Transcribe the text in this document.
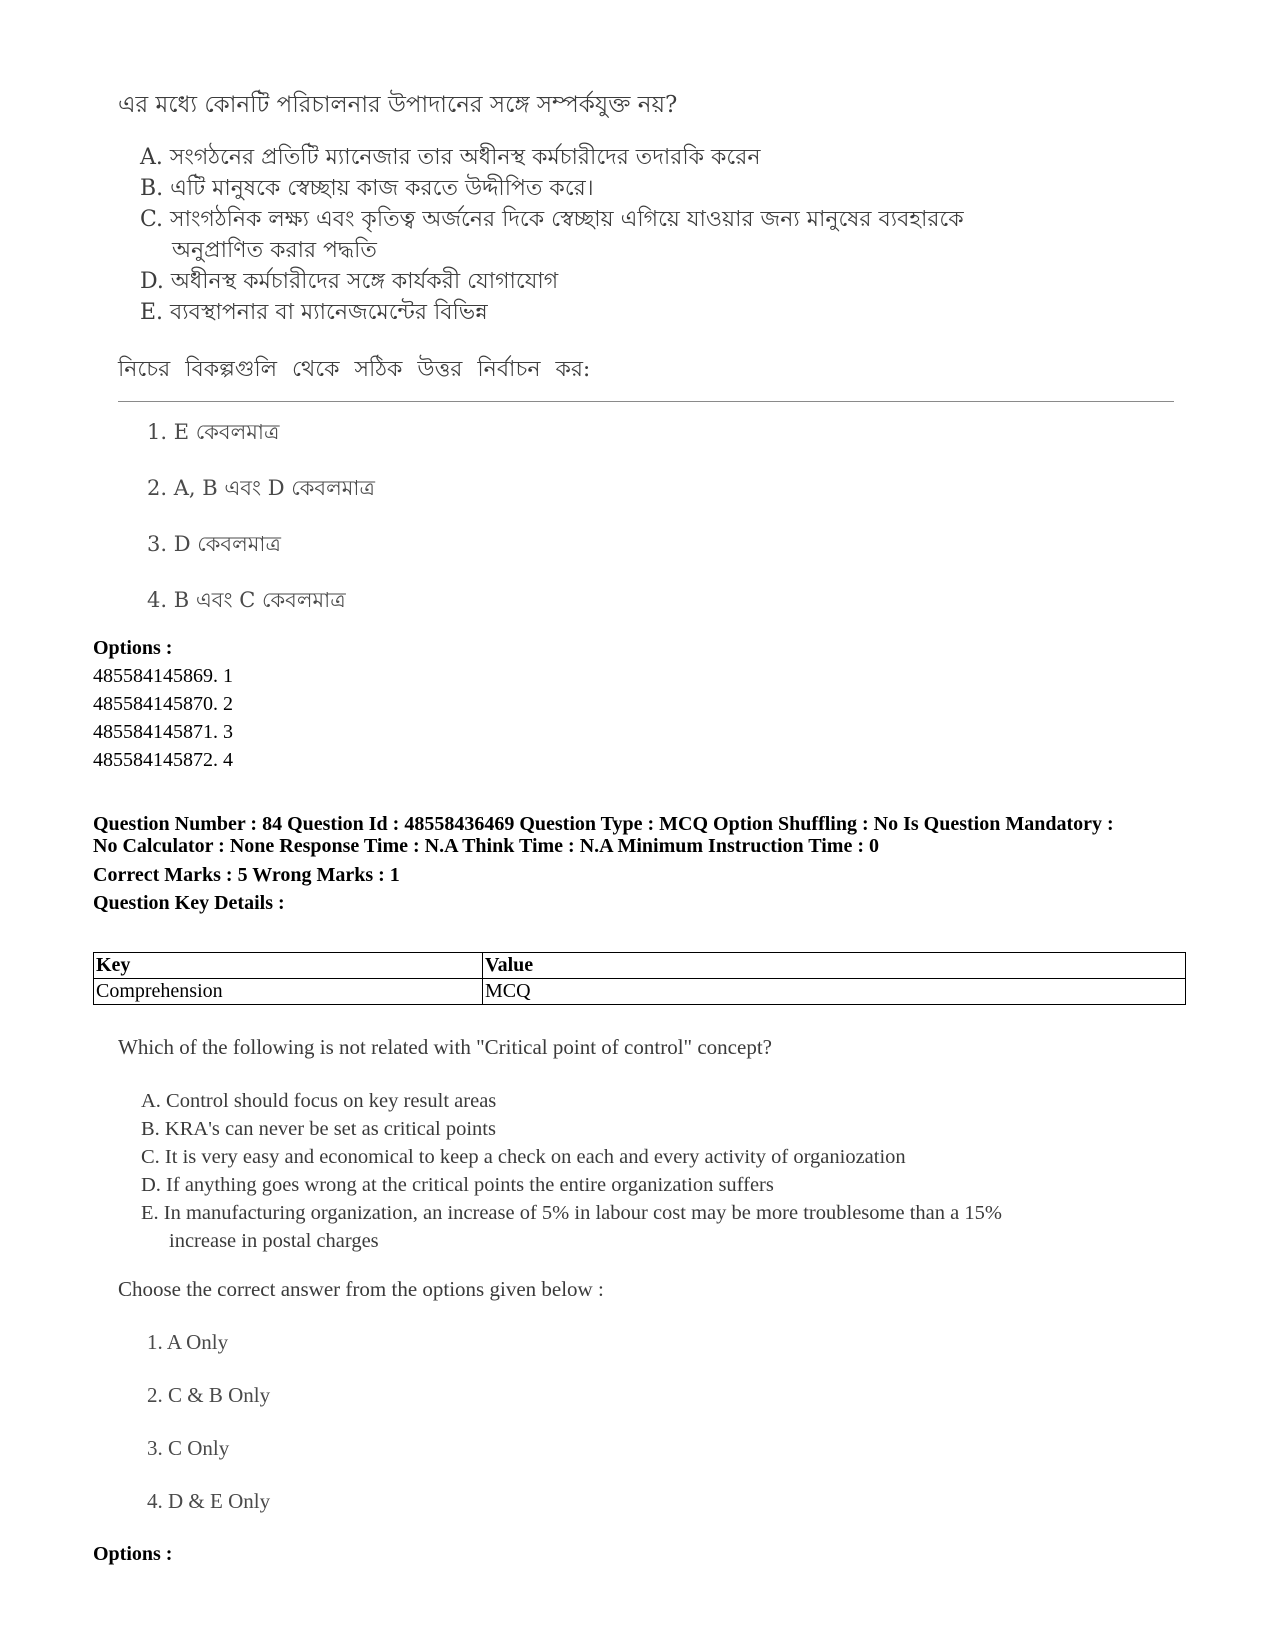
এর মধ্যে কোনটি পরিচালনার উপাদানের সঙ্গে সম্পর্কযুক্ত নয়?
A. সংগঠনের প্রতিটি ম্যানেজার তার অধীনস্থ কর্মচারীদের তদারকি করেন
B. এটি মানুষকে স্বেচ্ছায় কাজ করতে উদ্দীপিত করে।
C. সাংগঠনিক লক্ষ্য এবং কৃতিত্ব অর্জনের দিকে স্বেচ্ছায় এগিয়ে যাওয়ার জন্য মানুষের ব্যবহারকে
অনুপ্রাণিত করার পদ্ধতি
D. অধীনস্থ কর্মচারীদের সঙ্গে কার্যকরী যোগাযোগ
E. ব্যবস্থাপনার বা ম্যানেজমেন্টের বিভিন্ন
নিচের বিকল্পগুলি থেকে সঠিক উত্তর নির্বাচন কর:
1. E কেবলমাত্র
2. A, B এবং D কেবলমাত্র
3. D কেবলমাত্র
4. B এবং C কেবলমাত্র
Options :
485584145869. 1
485584145870. 2
485584145871. 3
485584145872. 4
Question Number : 84 Question Id : 48558436469 Question Type : MCQ Option Shuffling : No Is Question Mandatory :
No Calculator : None Response Time : N.A Think Time : N.A Minimum Instruction Time : 0
Correct Marks : 5 Wrong Marks : 1
Question Key Details :
Key	Value
Comprehension	MCQ
Which of the following is not related with "Critical point of control" concept?
A. Control should focus on key result areas
B. KRA's can never be set as critical points
C. It is very easy and economical to keep a check on each and every activity of organiozation
D. If anything goes wrong at the critical points the entire organization suffers
E. In manufacturing organization, an increase of 5% in labour cost may be more troublesome than a 15%
increase in postal charges
Choose the correct answer from the options given below :
1. A Only
2. C & B Only
3. C Only
4. D & E Only
Options :
